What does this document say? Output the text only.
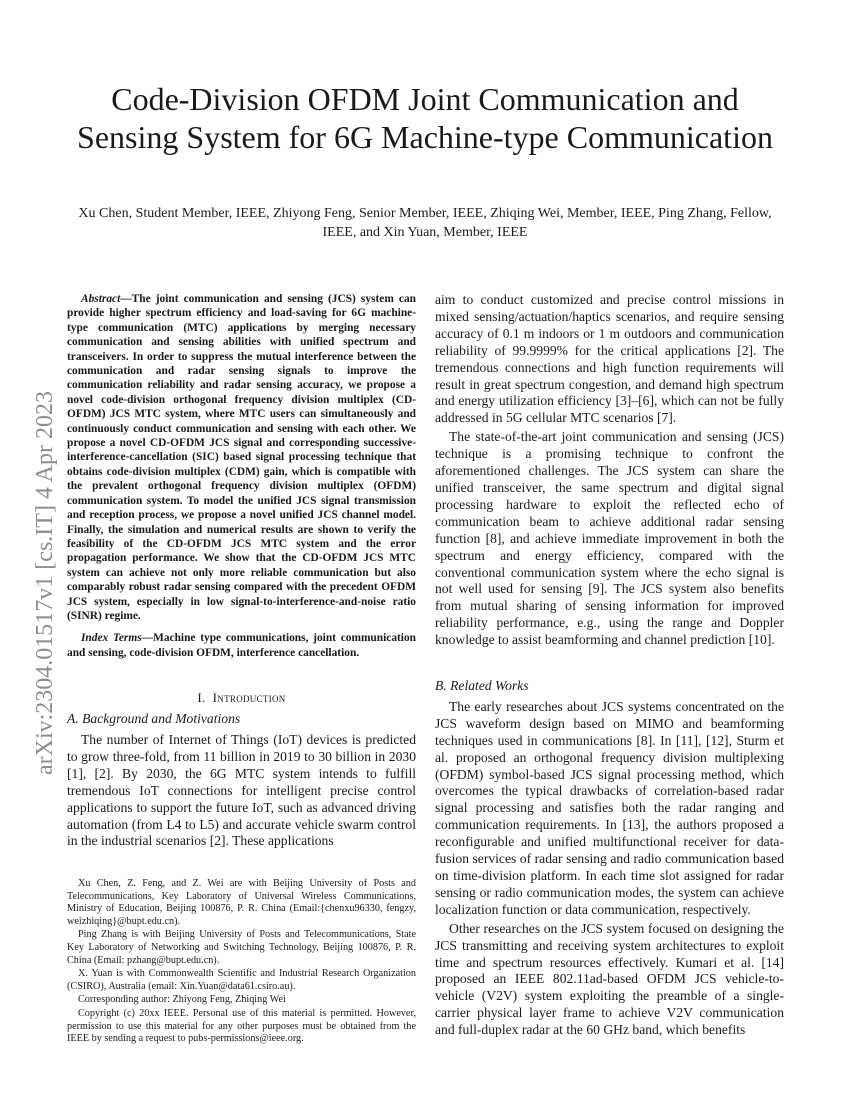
arXiv:2304.01517v1 [cs.IT] 4 Apr 2023
Code-Division OFDM Joint Communication and Sensing System for 6G Machine-type Communication
Xu Chen, Student Member, IEEE, Zhiyong Feng, Senior Member, IEEE, Zhiqing Wei, Member, IEEE, Ping Zhang, Fellow, IEEE, and Xin Yuan, Member, IEEE

Abstract—The joint communication and sensing (JCS) system can provide higher spectrum efficiency and load-saving for 6G machine-type communication (MTC) applications by merging necessary communication and sensing abilities with unified spectrum and transceivers. In order to suppress the mutual interference between the communication and radar sensing signals to improve the communication reliability and radar sensing accuracy, we propose a novel code-division orthogonal frequency division multiplex (CD-OFDM) JCS MTC system, where MTC users can simultaneously and continuously conduct communication and sensing with each other. We propose a novel CD-OFDM JCS signal and corresponding successive-interference-cancellation (SIC) based signal processing technique that obtains code-division multiplex (CDM) gain, which is compatible with the prevalent orthogonal frequency division multiplex (OFDM) communication system. To model the unified JCS signal transmission and reception process, we propose a novel unified JCS channel model. Finally, the simulation and numerical results are shown to verify the feasibility of the CD-OFDM JCS MTC system and the error propagation performance. We show that the CD-OFDM JCS MTC system can achieve not only more reliable communication but also comparably robust radar sensing compared with the precedent OFDM JCS system, especially in low signal-to-interference-and-noise ratio (SINR) regime.

Index Terms—Machine type communications, joint communication and sensing, code-division OFDM, interference cancellation.

I. Introduction
A. Background and Motivations

The number of Internet of Things (IoT) devices is predicted to grow three-fold, from 11 billion in 2019 to 30 billion in 2030 [1], [2]. By 2030, the 6G MTC system intends to fulfill tremendous IoT connections for intelligent precise control applications to support the future IoT, such as advanced driving automation (from L4 to L5) and accurate vehicle swarm control in the industrial scenarios [2]. These applications

Xu Chen, Z. Feng, and Z. Wei are with Beijing University of Posts and Telecommunications, Key Laboratory of Universal Wireless Communications, Ministry of Education, Beijing 100876, P. R. China (Email:{chenxu96330, fengzy, weizhiqing}@bupt.edu.cn).

Ping Zhang is with Beijing University of Posts and Telecommunications, State Key Laboratory of Networking and Switching Technology, Beijing 100876, P. R. China (Email: pzhang@bupt.edu.cn).

X. Yuan is with Commonwealth Scientific and Industrial Research Organization (CSIRO), Australia (email: Xin.Yuan@data61.csiro.au).

Corresponding author: Zhiyong Feng, Zhiqing Wei

Copyright (c) 20xx IEEE. Personal use of this material is permitted. However, permission to use this material for any other purposes must be obtained from the IEEE by sending a request to pubs-permissions@ieee.org.

aim to conduct customized and precise control missions in mixed sensing/actuation/haptics scenarios, and require sensing accuracy of 0.1 m indoors or 1 m outdoors and communication reliability of 99.9999% for the critical applications [2]. The tremendous connections and high function requirements will result in great spectrum congestion, and demand high spectrum and energy utilization efficiency [3]–[6], which can not be fully addressed in 5G cellular MTC scenarios [7].

The state-of-the-art joint communication and sensing (JCS) technique is a promising technique to confront the aforementioned challenges. The JCS system can share the unified transceiver, the same spectrum and digital signal processing hardware to exploit the reflected echo of communication beam to achieve additional radar sensing function [8], and achieve immediate improvement in both the spectrum and energy efficiency, compared with the conventional communication system where the echo signal is not well used for sensing [9]. The JCS system also benefits from mutual sharing of sensing information for improved reliability performance, e.g., using the range and Doppler knowledge to assist beamforming and channel prediction [10].

B. Related Works

The early researches about JCS systems concentrated on the JCS waveform design based on MIMO and beamforming techniques used in communications [8]. In [11], [12], Sturm et al. proposed an orthogonal frequency division multiplexing (OFDM) symbol-based JCS signal processing method, which overcomes the typical drawbacks of correlation-based radar signal processing and satisfies both the radar ranging and communication requirements. In [13], the authors proposed a reconfigurable and unified multifunctional receiver for data-fusion services of radar sensing and radio communication based on time-division platform. In each time slot assigned for radar sensing or radio communication modes, the system can achieve localization function or data communication, respectively.

Other researches on the JCS system focused on designing the JCS transmitting and receiving system architectures to exploit time and spectrum resources effectively. Kumari et al. [14] proposed an IEEE 802.11ad-based OFDM JCS vehicle-to-vehicle (V2V) system exploiting the preamble of a single-carrier physical layer frame to achieve V2V communication and full-duplex radar at the 60 GHz band, which benefits
